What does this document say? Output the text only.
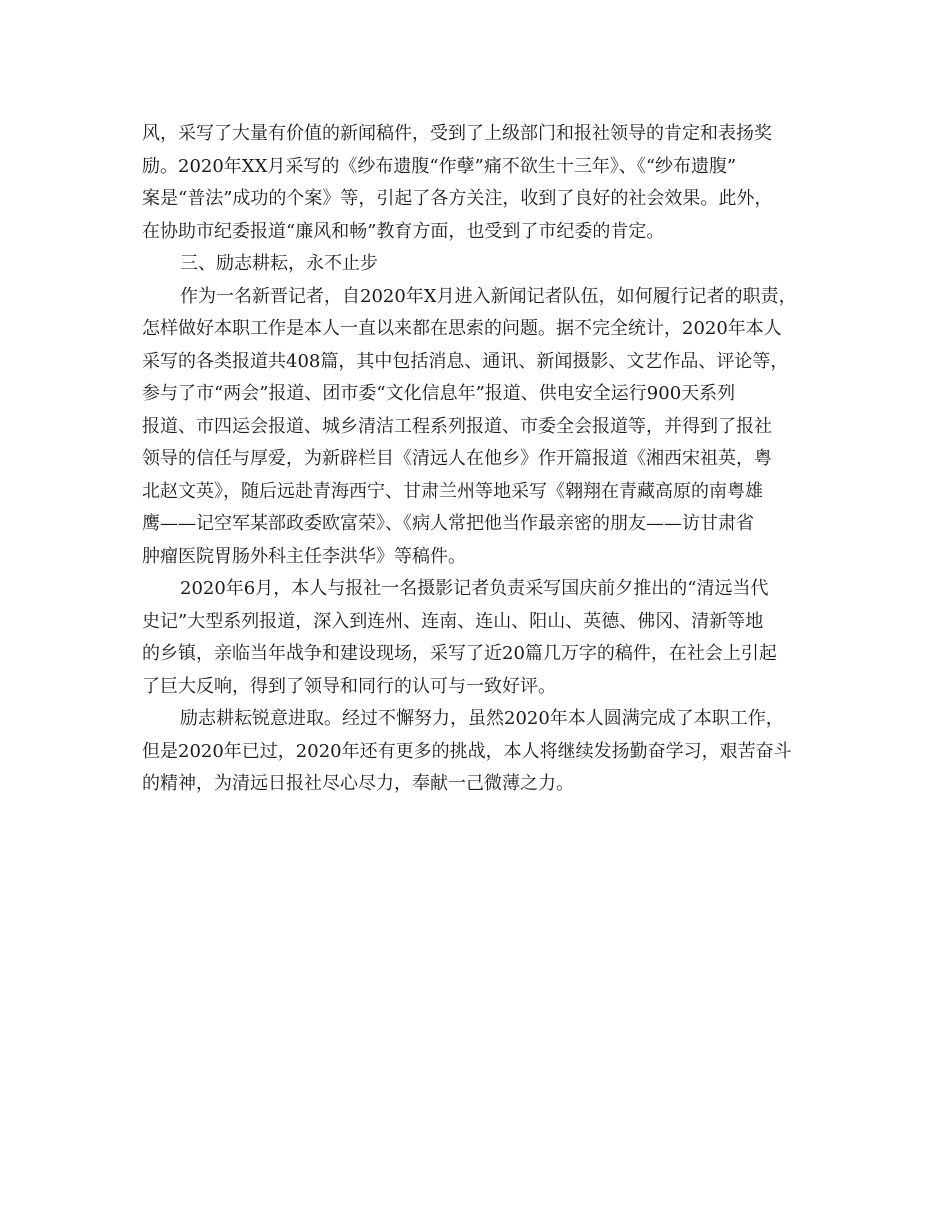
风，采写了大量有价值的新闻稿件，受到了上级部门和报社领导的肯定和表扬奖
励。2020年XX月采写的《纱布遗腹“作孽”痛不欲生十三年》、《“纱布遗腹”
案是“普法”成功的个案》等，引起了各方关注，收到了良好的社会效果。此外，
在协助市纪委报道“廉风和畅”教育方面，也受到了市纪委的肯定。
三、励志耕耘，永不止步
作为一名新晋记者，自2020年X月进入新闻记者队伍，如何履行记者的职责，
怎样做好本职工作是本人一直以来都在思索的问题。据不完全统计，2020年本人
采写的各类报道共408篇，其中包括消息、通讯、新闻摄影、文艺作品、评论等，
参与了市“两会”报道、团市委“文化信息年”报道、供电安全运行900天系列
报道、市四运会报道、城乡清洁工程系列报道、市委全会报道等，并得到了报社
领导的信任与厚爱，为新辟栏目《清远人在他乡》作开篇报道《湘西宋祖英，粤
北赵文英》，随后远赴青海西宁、甘肃兰州等地采写《翱翔在青藏高原的南粤雄
鹰——记空军某部政委欧富荣》、《病人常把他当作最亲密的朋友——访甘肃省
肿瘤医院胃肠外科主任李洪华》等稿件。
2020年6月，本人与报社一名摄影记者负责采写国庆前夕推出的“清远当代
史记”大型系列报道，深入到连州、连南、连山、阳山、英德、佛冈、清新等地
的乡镇，亲临当年战争和建设现场，采写了近20篇几万字的稿件，在社会上引起
了巨大反响，得到了领导和同行的认可与一致好评。
励志耕耘锐意进取。经过不懈努力，虽然2020年本人圆满完成了本职工作，
但是2020年已过，2020年还有更多的挑战，本人将继续发扬勤奋学习，艰苦奋斗
的精神，为清远日报社尽心尽力，奉献一己微薄之力。
